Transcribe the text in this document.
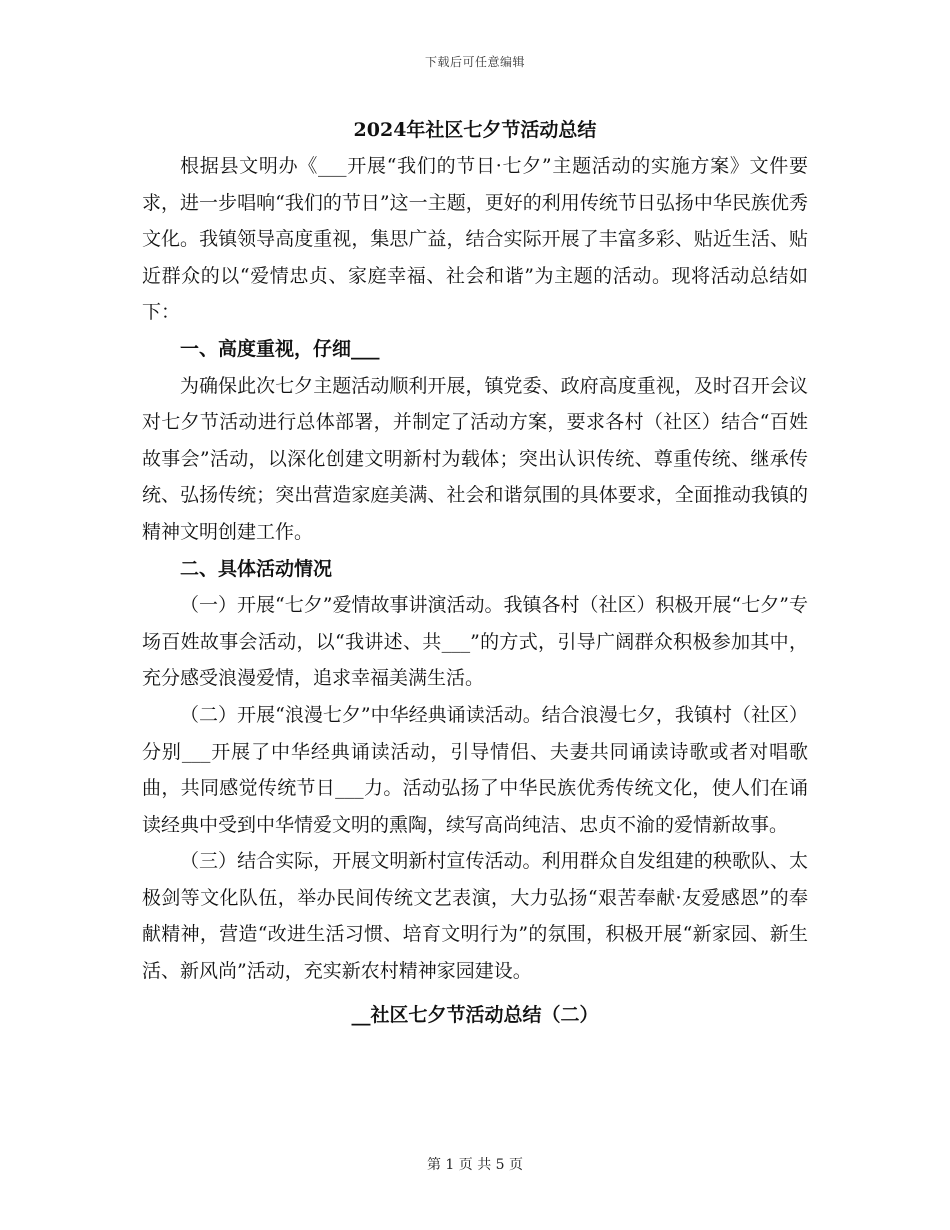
下载后可任意编辑
2024年社区七夕节活动总结

根据县文明办《___开展“我们的节日·七夕”主题活动的实施方案》文件要求，进一步唱响“我们的节日”这一主题，更好的利用传统节日弘扬中华民族优秀文化。我镇领导高度重视，集思广益，结合实际开展了丰富多彩、贴近生活、贴近群众的以“爱情忠贞、家庭幸福、社会和谐”为主题的活动。现将活动总结如下：

一、高度重视，仔细___

为确保此次七夕主题活动顺利开展，镇党委、政府高度重视，及时召开会议对七夕节活动进行总体部署，并制定了活动方案，要求各村（社区）结合“百姓故事会”活动，以深化创建文明新村为载体；突出认识传统、尊重传统、继承传统、弘扬传统；突出营造家庭美满、社会和谐氛围的具体要求，全面推动我镇的精神文明创建工作。

二、具体活动情况

（一）开展“七夕”爱情故事讲演活动。我镇各村（社区）积极开展“七夕”专场百姓故事会活动，以“我讲述、共___”的方式，引导广阔群众积极参加其中，充分感受浪漫爱情，追求幸福美满生活。

（二）开展“浪漫七夕”中华经典诵读活动。结合浪漫七夕，我镇村（社区）分别___开展了中华经典诵读活动，引导情侣、夫妻共同诵读诗歌或者对唱歌曲，共同感觉传统节日___力。活动弘扬了中华民族优秀传统文化，使人们在诵读经典中受到中华情爱文明的熏陶，续写高尚纯洁、忠贞不渝的爱情新故事。

（三）结合实际，开展文明新村宣传活动。利用群众自发组建的秧歌队、太极剑等文化队伍，举办民间传统文艺表演，大力弘扬“艰苦奉献·友爱感恩”的奉献精神，营造“改进生活习惯、培育文明行为”的氛围，积极开展“新家园、新生活、新风尚”活动，充实新农村精神家园建设。

__社区七夕节活动总结（二）
第 1 页 共 5 页
